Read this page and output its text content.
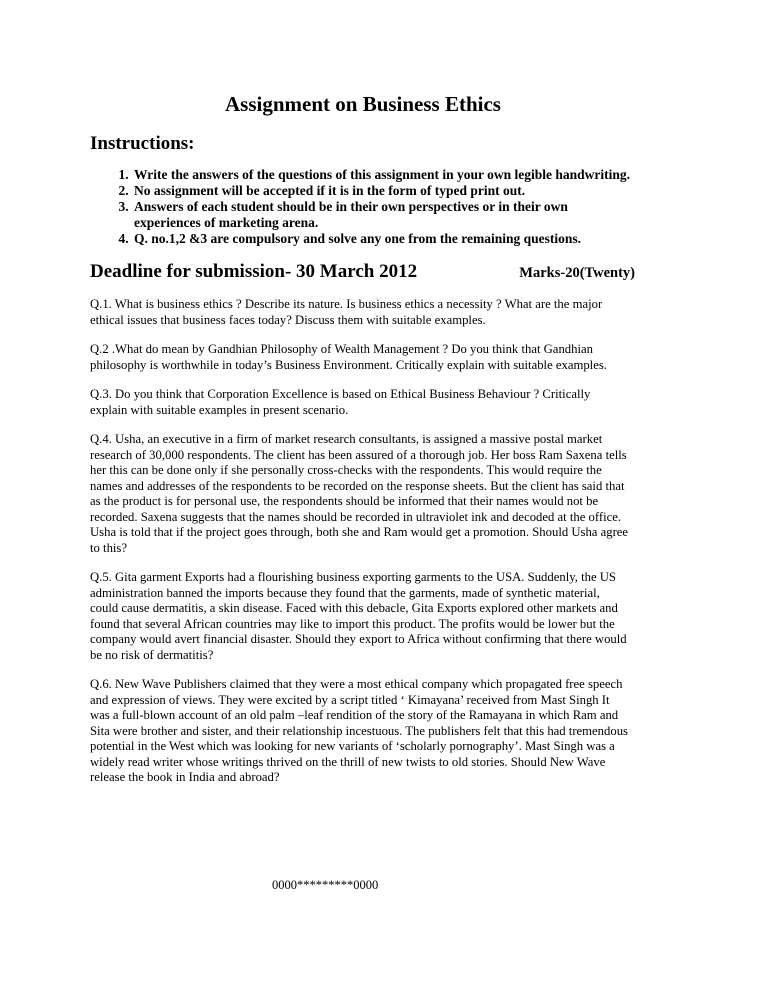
Assignment on Business Ethics
Instructions:
1. Write the answers of the questions of this assignment in your own legible handwriting.
2. No assignment will be accepted if it is in the form of typed print out.
3. Answers of each student should be in their own perspectives or in their own experiences of marketing arena.
4. Q. no.1,2 &3 are compulsory and solve any one from the remaining questions.
Deadline for submission- 30 March 2012	Marks-20(Twenty)

Q.1. What is business ethics ? Describe its nature. Is business ethics a necessity ? What are the major ethical issues that business faces today? Discuss them with suitable examples.

Q.2 .What do mean by Gandhian Philosophy of Wealth Management ? Do you think that Gandhian philosophy is worthwhile in today’s Business Environment. Critically explain with suitable examples.

Q.3. Do you think that Corporation Excellence is based on Ethical Business Behaviour ? Critically explain with suitable examples in present scenario.

Q.4. Usha, an executive in a firm of market research consultants, is assigned a massive postal market research of 30,000 respondents. The client has been assured of a thorough job. Her boss Ram Saxena tells her this can be done only if she personally cross-checks with the respondents. This would require the names and addresses of the respondents to be recorded on the response sheets. But the client has said that as the product is for personal use, the respondents should be informed that their names would not be recorded. Saxena suggests that the names should be recorded in ultraviolet ink and decoded at the office. Usha is told that if the project goes through, both she and Ram would get a promotion. Should Usha agree to this?

Q.5. Gita garment Exports had a flourishing business exporting garments to the USA. Suddenly, the US administration banned the imports because they found that the garments, made of synthetic material, could cause dermatitis, a skin disease. Faced with this debacle, Gita Exports explored other markets and found that several African countries may like to import this product. The profits would be lower but the company would avert financial disaster. Should they export to Africa without confirming that there would be no risk of dermatitis?

Q.6. New Wave Publishers claimed that they were a most ethical company which propagated free speech and expression of views. They were excited by a script titled ‘ Kimayana’ received from Mast Singh It was a full-blown account of an old palm –leaf rendition of the story of the Ramayana in which Ram and Sita were brother and sister, and their relationship incestuous. The publishers felt that this had tremendous potential in the West which was looking for new variants of ‘scholarly pornography’. Mast Singh was a widely read writer whose writings thrived on the thrill of new twists to old stories. Should New Wave release the book in India and abroad?

0000*********0000
